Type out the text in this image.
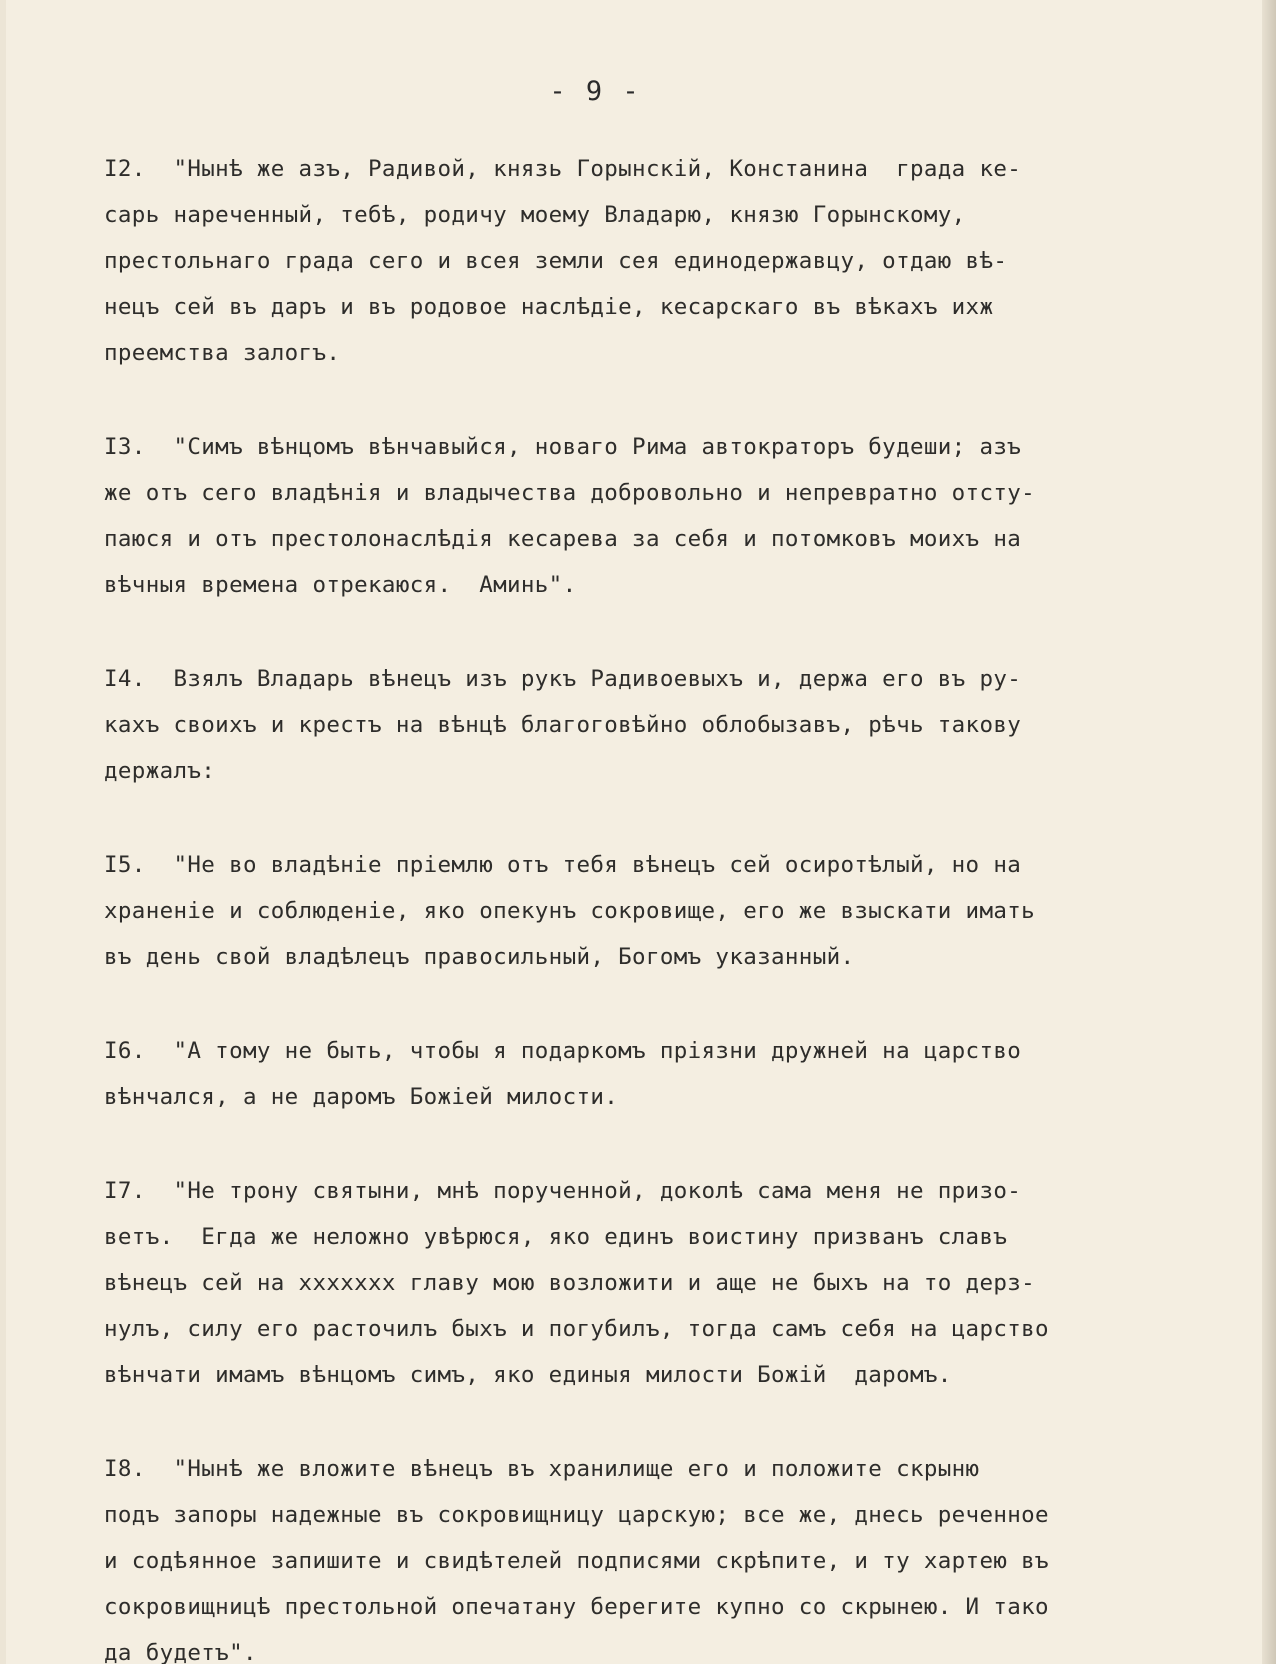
- 9 -
I2.  "Нынѣ же азъ, Радивой, князь Горынскій, Констанина  града ке-
сарь нареченный, тебѣ, родичу моему Владарю, князю Горынскому,
престольнаго града сего и всея земли сея единодержавцу, отдаю вѣ-
нецъ сей въ даръ и въ родовое наслѣдіе, кесарскаго въ вѣкахъ ихж
преемства залогъ.
I3.  "Симъ вѣнцомъ вѣнчавыйся, новаго Рима автократоръ будеши; азъ
же отъ сего владѣнія и владычества добровольно и непревратно отсту-
паюся и отъ престолонаслѣдія кесарева за себя и потомковъ моихъ на
вѣчныя времена отрекаюся.  Аминь".
I4.  Взялъ Владарь вѣнецъ изъ рукъ Радивоевыхъ и, держа его въ ру-
кахъ своихъ и крестъ на вѣнцѣ благоговѣйно облобызавъ, рѣчь такову
держалъ:
I5.  "Не во владѣніе пріемлю отъ тебя вѣнецъ сей осиротѣлый, но на
храненіе и соблюденіе, яко опекунъ сокровище, его же взыскати имать
въ день свой владѣлецъ правосильный, Богомъ указанный.
I6.  "А тому не быть, чтобы я подаркомъ пріязни дружней на царство
вѣнчался, а не даромъ Божіей милости.
I7.  "Не трону святыни, мнѣ порученной, доколѣ сама меня не призо-
ветъ.  Егда же неложно увѣрюся, яко единъ воистину призванъ славъ
вѣнецъ сей на ххххххх главу мою возложити и аще не быхъ на то дерз-
нулъ, силу его расточилъ быхъ и погубилъ, тогда самъ себя на царство
вѣнчати имамъ вѣнцомъ симъ, яко единыя милости Божій  даромъ.
I8.  "Нынѣ же вложите вѣнецъ въ хранилище его и положите скрыню
подъ запоры надежные въ сокровищницу царскую; все же, днесь реченное
и содѣянное запишите и свидѣтелей подписями скрѣпите, и ту хартею въ
сокровищницѣ престольной опечатану берегите купно со скрынею. И тако
да будетъ".
